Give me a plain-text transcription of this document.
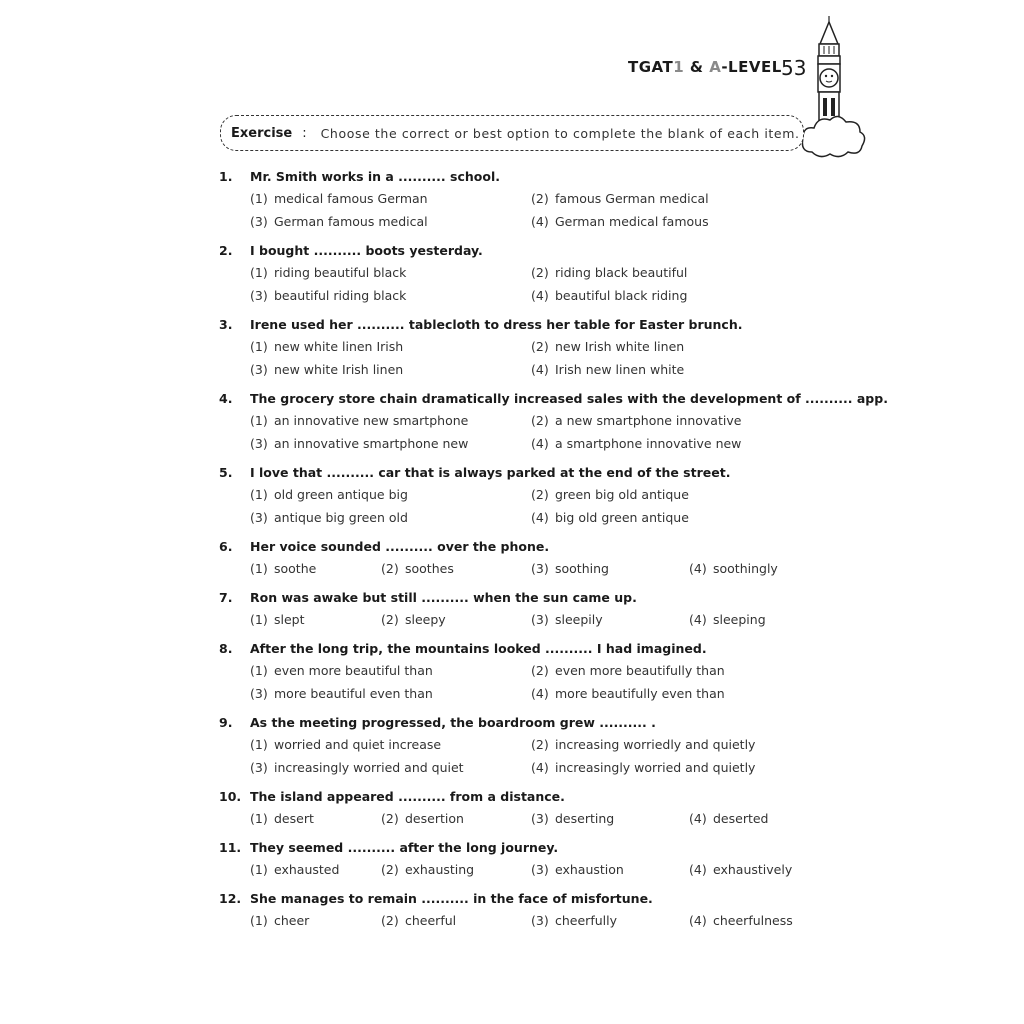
TGAT1 & A-LEVEL 53
Exercise : Choose the correct or best option to complete the blank of each item.
1. Mr. Smith works in a .......... school.
(1) medical famous German	(2) famous German medical
(3) German famous medical	(4) German medical famous
2. I bought .......... boots yesterday.
(1) riding beautiful black	(2) riding black beautiful
(3) beautiful riding black	(4) beautiful black riding
3. Irene used her .......... tablecloth to dress her table for Easter brunch.
(1) new white linen Irish	(2) new Irish white linen
(3) new white Irish linen	(4) Irish new linen white
4. The grocery store chain dramatically increased sales with the development of .......... app.
(1) an innovative new smartphone	(2) a new smartphone innovative
(3) an innovative smartphone new	(4) a smartphone innovative new
5. I love that .......... car that is always parked at the end of the street.
(1) old green antique big	(2) green big old antique
(3) antique big green old	(4) big old green antique
6. Her voice sounded .......... over the phone.
(1) soothe	(2) soothes	(3) soothing	(4) soothingly
7. Ron was awake but still .......... when the sun came up.
(1) slept	(2) sleepy	(3) sleepily	(4) sleeping
8. After the long trip, the mountains looked .......... I had imagined.
(1) even more beautiful than	(2) even more beautifully than
(3) more beautiful even than	(4) more beautifully even than
9. As the meeting progressed, the boardroom grew .......... .
(1) worried and quiet increase	(2) increasing worriedly and quietly
(3) increasingly worried and quiet	(4) increasingly worried and quietly
10. The island appeared .......... from a distance.
(1) desert	(2) desertion	(3) deserting	(4) deserted
11. They seemed .......... after the long journey.
(1) exhausted	(2) exhausting	(3) exhaustion	(4) exhaustively
12. She manages to remain .......... in the face of misfortune.
(1) cheer	(2) cheerful	(3) cheerfully	(4) cheerfulness
